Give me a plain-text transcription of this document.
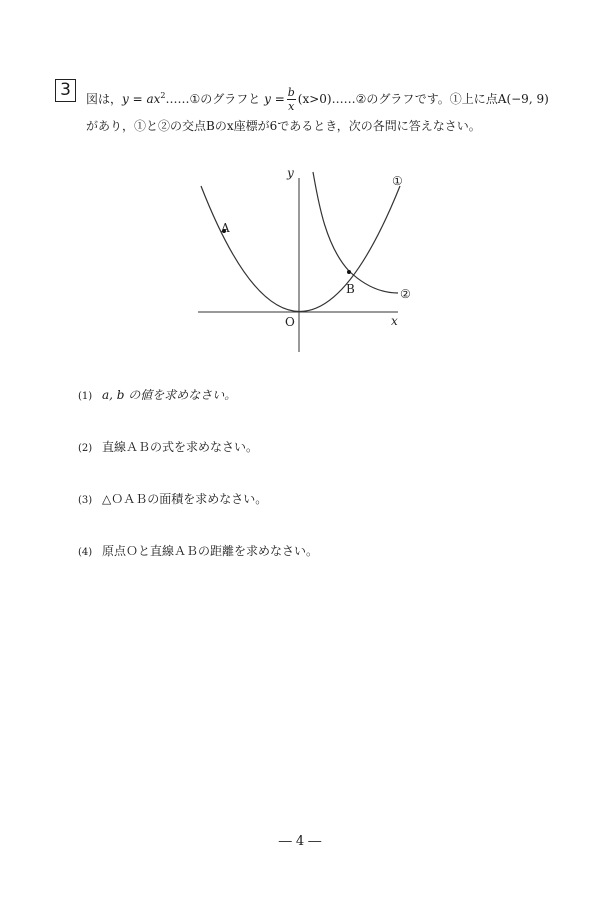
3	図は，$y = ax^2\dots\dots ①$のグラフと $y = \frac{b}{x}$ (x>0)……②のグラフです。①上に点A(−9, 9)
があり，①と②の交点Bのx座標が6であるとき，次の各問に答えなさい。
y
x
O
A
B
①
②
(1) a, b の値を求めなさい。
(2) 直線ＡＢの式を求めなさい。
(3) △ＯＡＢの面積を求めなさい。
(4) 原点Ｏと直線ＡＢの距離を求めなさい。
― 4 ―
